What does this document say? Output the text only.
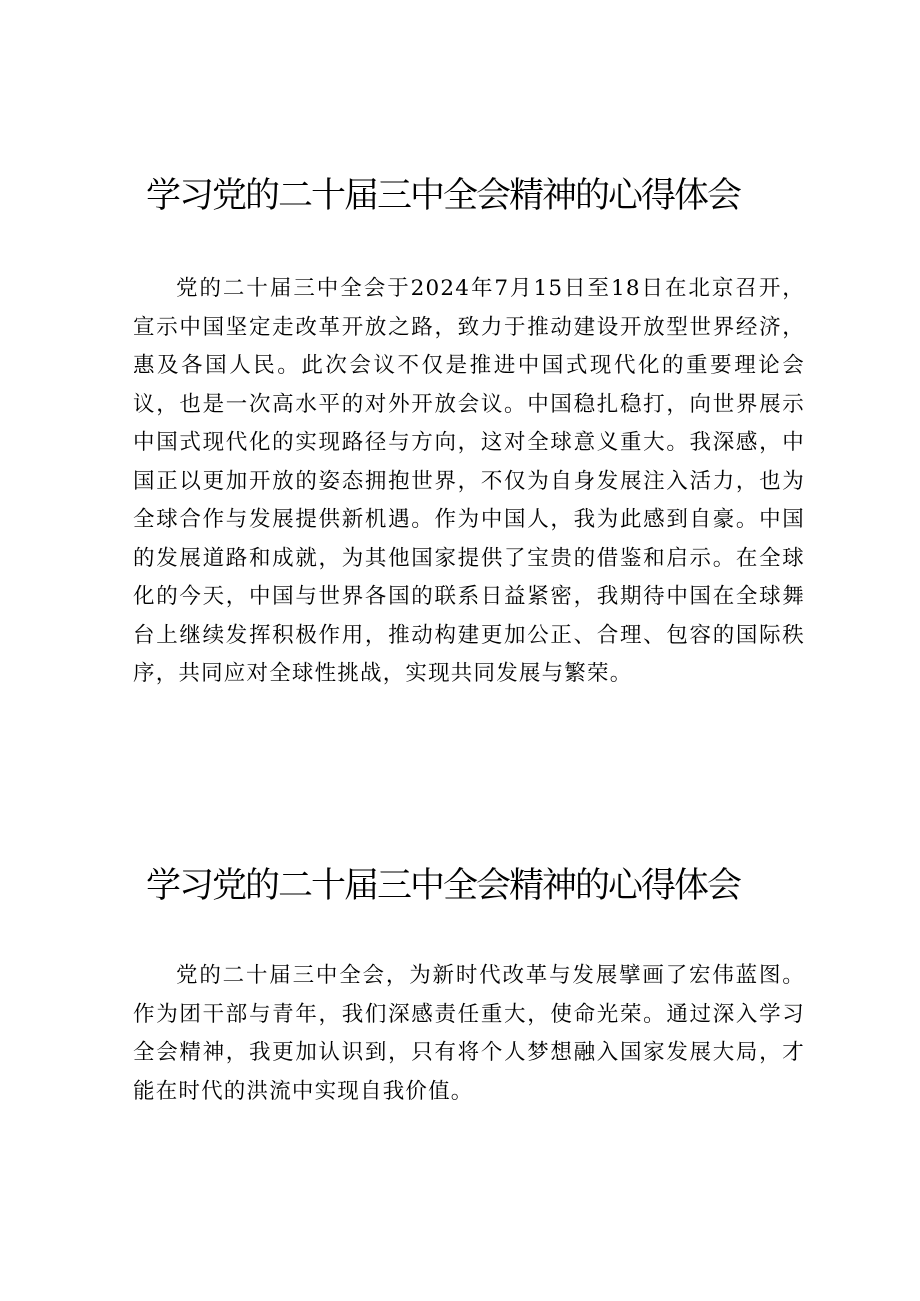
学习党的二十届三中全会精神的心得体会

党的二十届三中全会于2024年7月15日至18日在北京召开，宣示中国坚定走改革开放之路，致力于推动建设开放型世界经济，惠及各国人民。此次会议不仅是推进中国式现代化的重要理论会议，也是一次高水平的对外开放会议。中国稳扎稳打，向世界展示中国式现代化的实现路径与方向，这对全球意义重大。我深感，中国正以更加开放的姿态拥抱世界，不仅为自身发展注入活力，也为全球合作与发展提供新机遇。作为中国人，我为此感到自豪。中国的发展道路和成就，为其他国家提供了宝贵的借鉴和启示。在全球化的今天，中国与世界各国的联系日益紧密，我期待中国在全球舞台上继续发挥积极作用，推动构建更加公正、合理、包容的国际秩序，共同应对全球性挑战，实现共同发展与繁荣。

学习党的二十届三中全会精神的心得体会

党的二十届三中全会，为新时代改革与发展擘画了宏伟蓝图。作为团干部与青年，我们深感责任重大，使命光荣。通过深入学习全会精神，我更加认识到，只有将个人梦想融入国家发展大局，才能在时代的洪流中实现自我价值。
